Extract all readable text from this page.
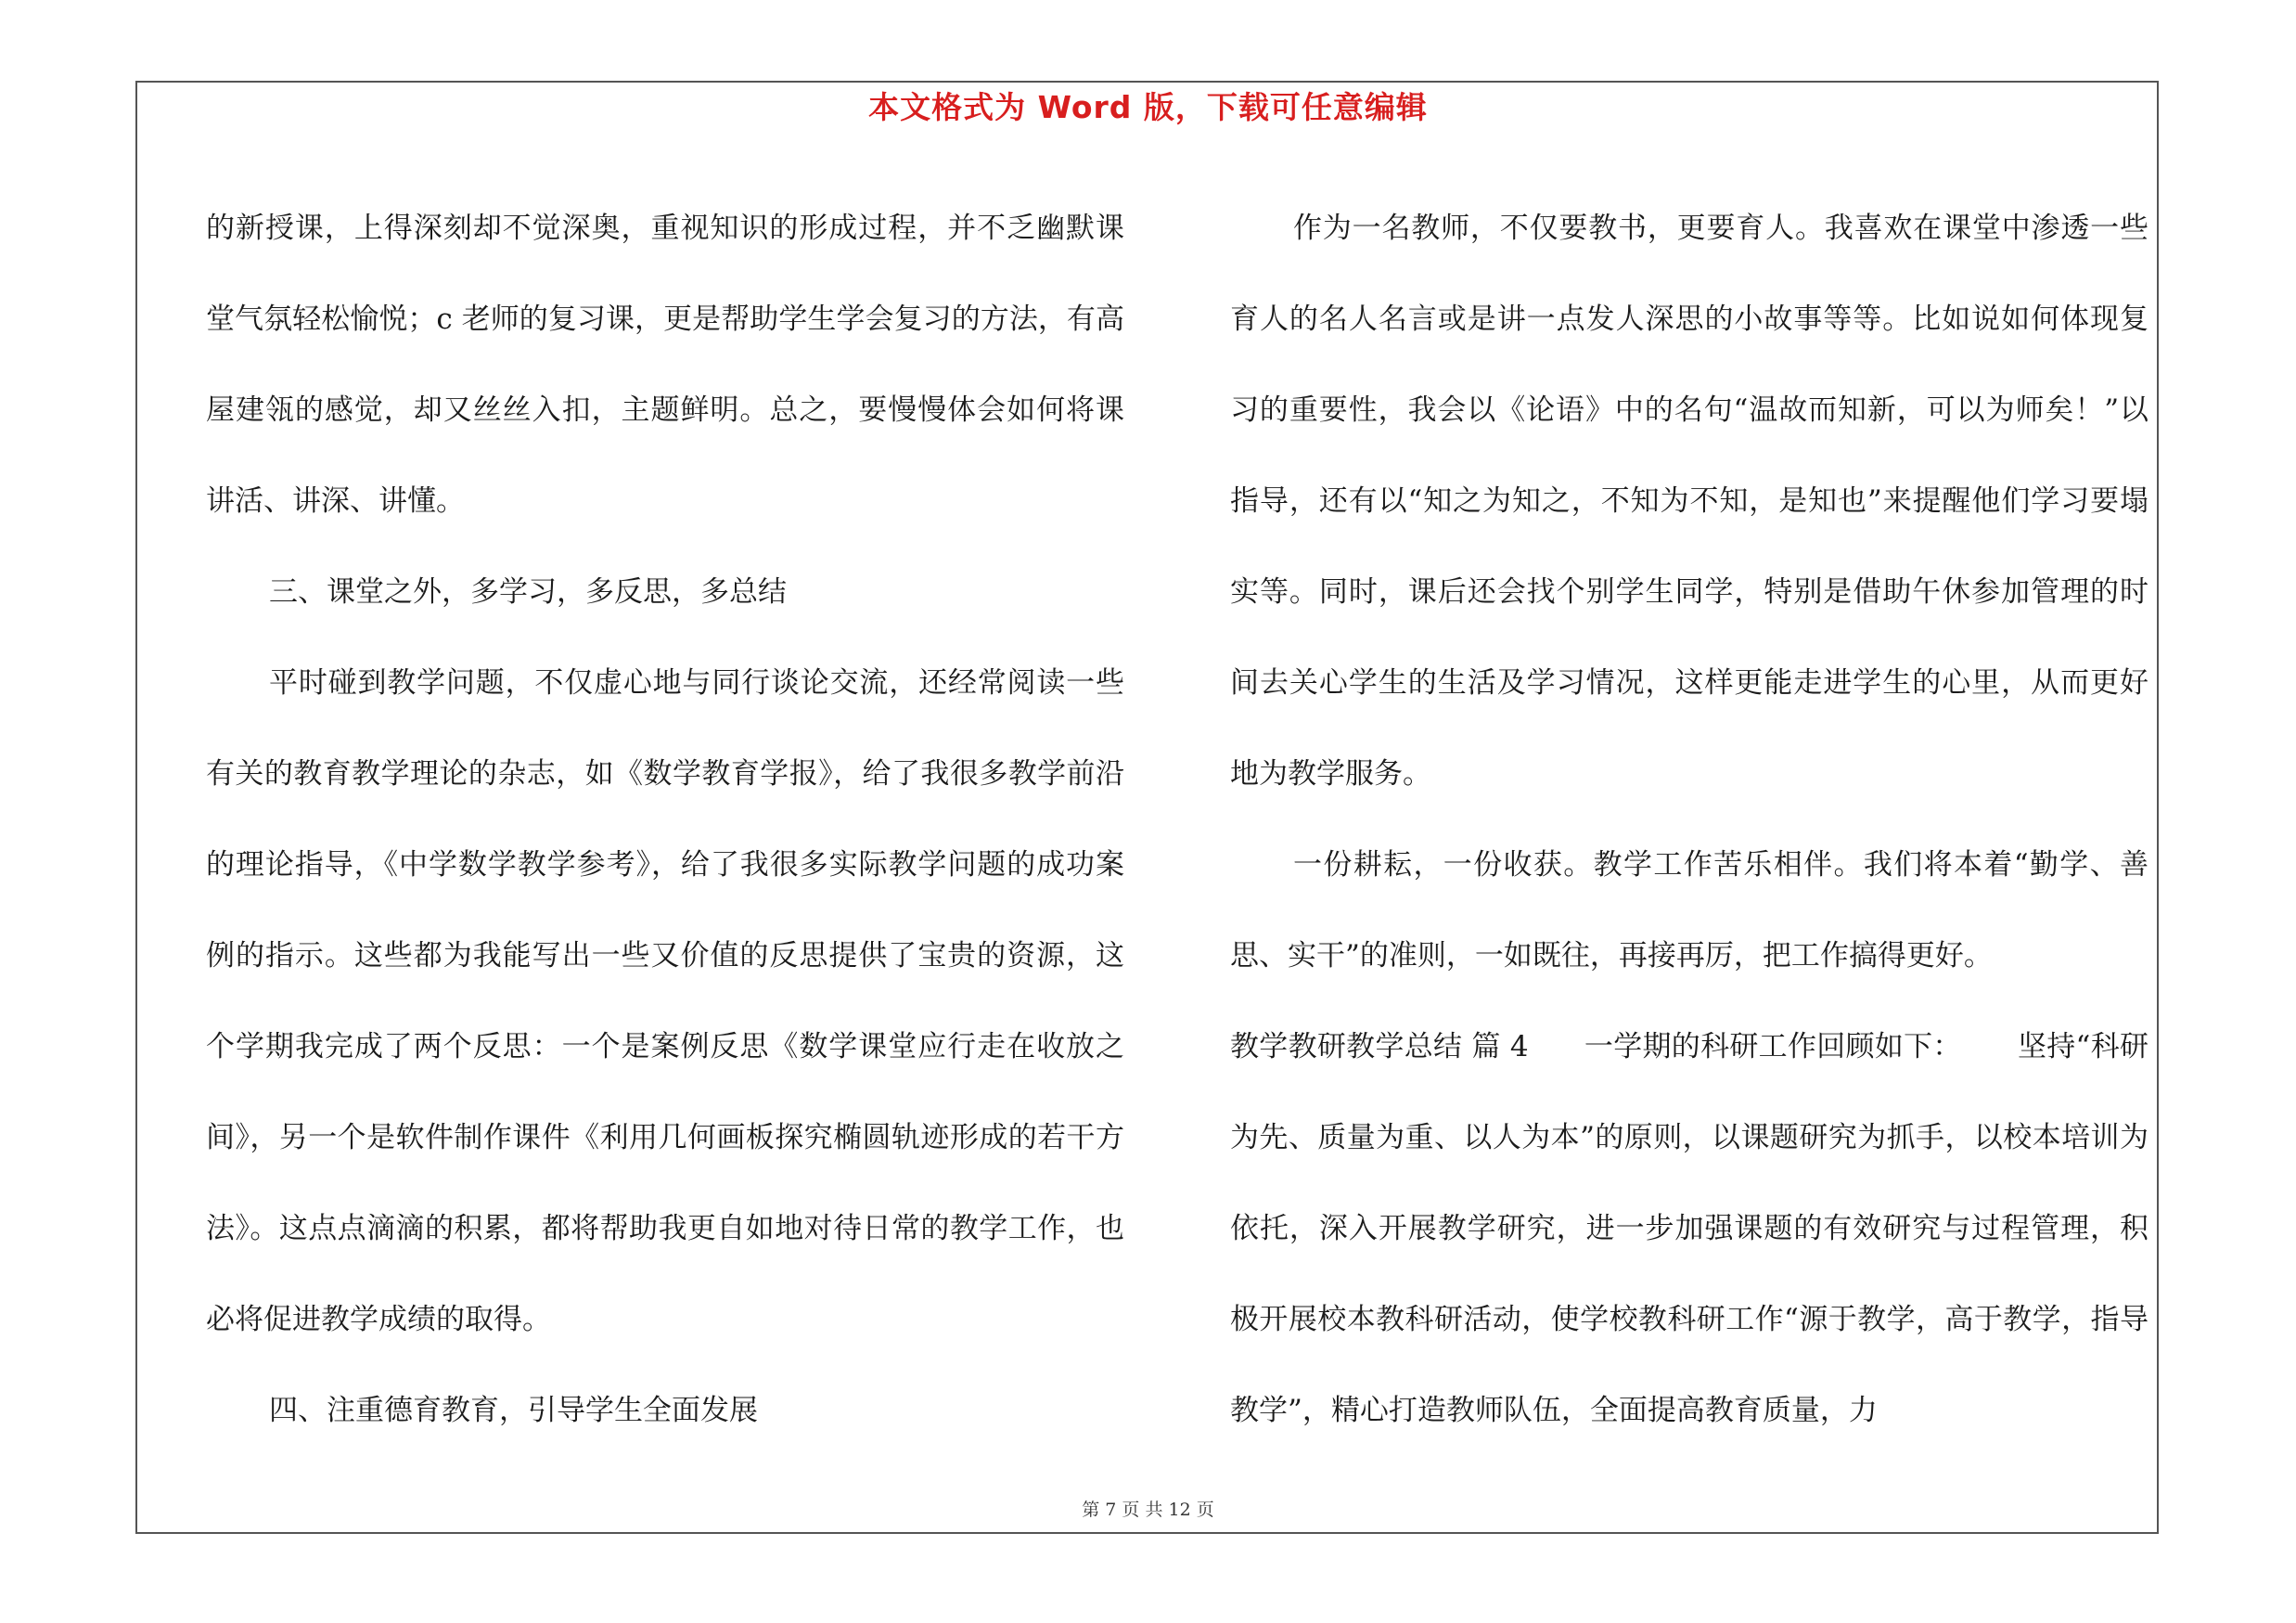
本文格式为 Word 版，下载可任意编辑

的新授课，上得深刻却不觉深奥，重视知识的形成过程，并不乏幽默课堂气氛轻松愉悦；c 老师的复习课，更是帮助学生学会复习的方法，有高屋建瓴的感觉，却又丝丝入扣，主题鲜明。总之，要慢慢体会如何将课讲活、讲深、讲懂。

三、课堂之外，多学习，多反思，多总结

平时碰到教学问题，不仅虚心地与同行谈论交流，还经常阅读一些有关的教育教学理论的杂志，如《数学教育学报》，给了我很多教学前沿的理论指导，《中学数学教学参考》，给了我很多实际教学问题的成功案例的指示。这些都为我能写出一些又价值的反思提供了宝贵的资源，这个学期我完成了两个反思：一个是案例反思《数学课堂应行走在收放之间》，另一个是软件制作课件《利用几何画板探究椭圆轨迹形成的若干方法》。这点点滴滴的积累，都将帮助我更自如地对待日常的教学工作，也必将促进教学成绩的取得。

四、注重德育教育，引导学生全面发展

作为一名教师，不仅要教书，更要育人。我喜欢在课堂中渗透一些育人的名人名言或是讲一点发人深思的小故事等等。比如说如何体现复习的重要性，我会以《论语》中的名句“温故而知新，可以为师矣！”以指导，还有以“知之为知之，不知为不知，是知也”来提醒他们学习要塌实等。同时，课后还会找个别学生同学，特别是借助午休参加管理的时间去关心学生的生活及学习情况，这样更能走进学生的心里，从而更好地为教学服务。

一份耕耘，一份收获。教学工作苦乐相伴。我们将本着“勤学、善思、实干”的准则，一如既往，再接再厉，把工作搞得更好。

教学教研教学总结 篇 4 一学期的科研工作回顾如下： 坚持“科研为先、质量为重、以人为本”的原则，以课题研究为抓手，以校本培训为依托，深入开展教学研究，进一步加强课题的有效研究与过程管理，积极开展校本教科研活动，使学校教科研工作“源于教学，高于教学，指导教学”，精心打造教师队伍，全面提高教育质量，力

第 7 页 共 12 页
